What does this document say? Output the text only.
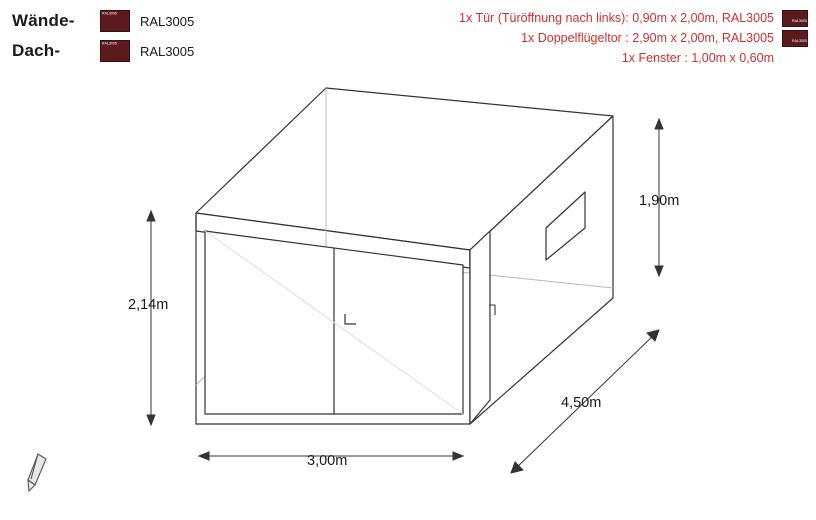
Wände-	RAL3005
RAL3005
Dach-	RAL3005
RAL3005
1x Tür (Türöffnung nach links): 0,90m x 2,00m, RAL3005	RAL3005
1x Doppelflügeltor : 2,90m x 2,00m, RAL3005	RAL3005
1x Fenster : 1,00m x 0,60m
2,14m
1,90m
3,00m
4,50m
